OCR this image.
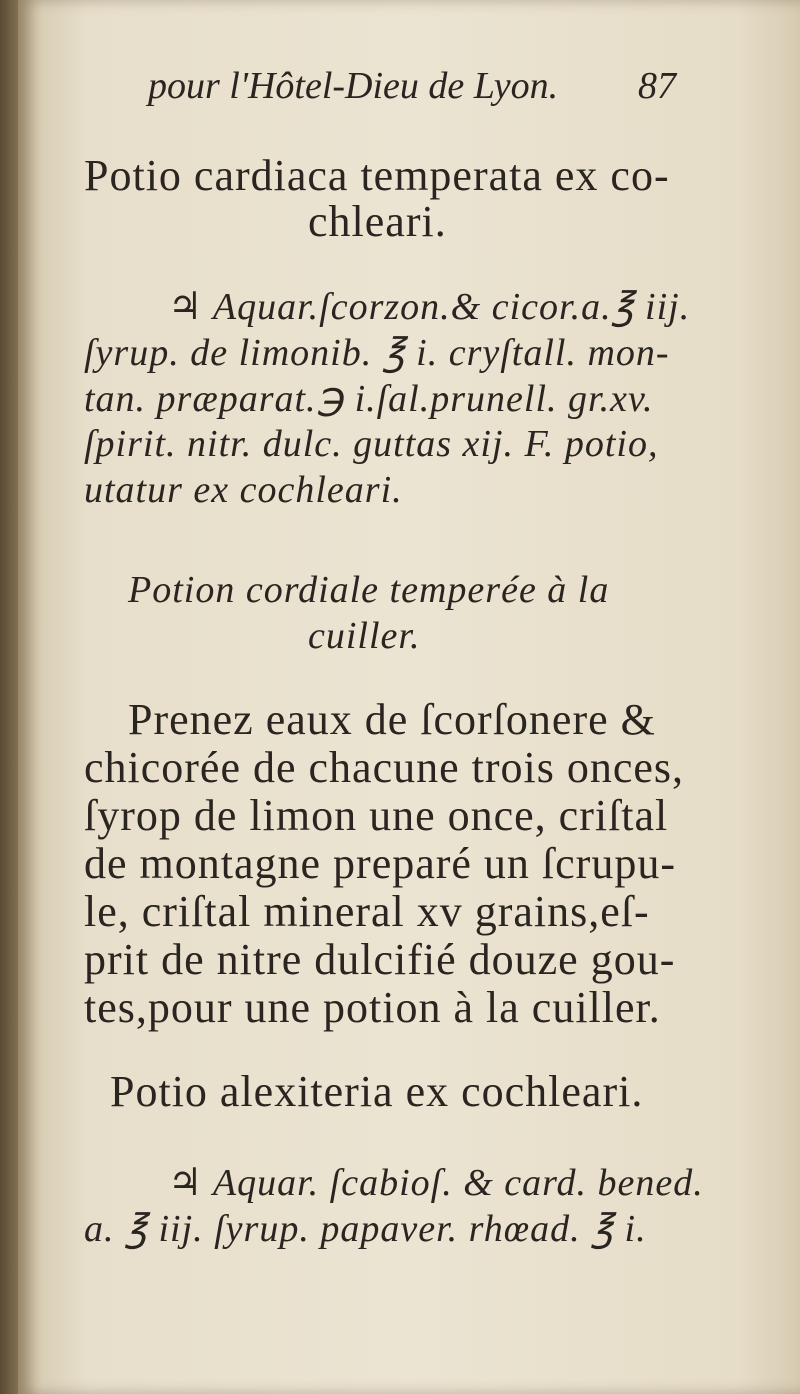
pour l'Hôtel-Dieu de Lyon. 87
Potio cardiaca temperata ex co-
chleari.
♃ Aquar.ſcorzon.& cicor.a.℥ iij.
ſyrup. de limonib. ℥ i. cryſtall. mon-
tan. præparat.℈ i.ſal.prunell. gr.xv.
ſpirit. nitr. dulc. guttas xij. F. potio,
utatur ex cochleari.
Potion cordiale temperée à la
cuiller.
Prenez eaux de ſcorſonere &
chicorée de chacune trois onces,
ſyrop de limon une once, criſtal
de montagne preparé un ſcrupu-
le, criſtal mineral xv grains,eſ-
prit de nitre dulcifié douze gou-
tes,pour une potion à la cuiller.
Potio alexiteria ex cochleari.
♃ Aquar. ſcabioſ. & card. bened.
a. ℥ iij. ſyrup. papaver. rhœad. ℥ i.
